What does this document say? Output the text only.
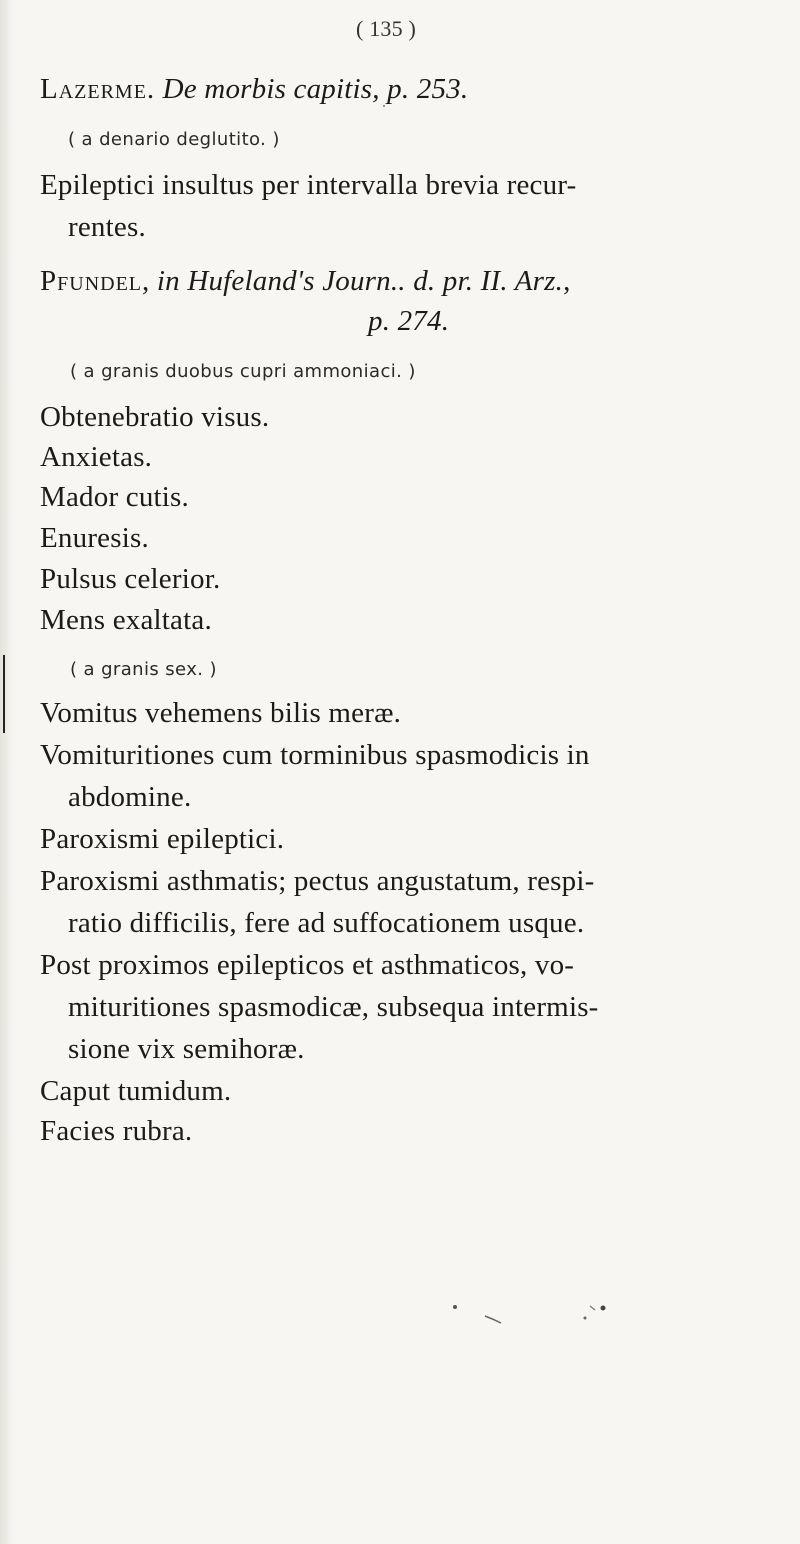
( 135 )
Lazerme. De morbis capitis, p. 253.
( a denario deglutito. )
Epileptici insultus per intervalla brevia recur-
rentes.
Pfundel, in Hufeland's Journ.. d. pr. II. Arz.,
p. 274.
( a granis duobus cupri ammoniaci. )
Obtenebratio visus.
Anxietas.
Mador cutis.
Enuresis.
Pulsus celerior.
Mens exaltata.
( a granis sex. )
Vomitus vehemens bilis meræ.
Vomituritiones cum torminibus spasmodicis in
abdomine.
Paroxismi epileptici.
Paroxismi asthmatis; pectus angustatum, respi-
ratio difficilis, fere ad suffocationem usque.
Post proximos epilepticos et asthmaticos, vo-
mituritiones spasmodicæ, subsequa intermis-
sione vix semihoræ.
Caput tumidum.
Facies rubra.
